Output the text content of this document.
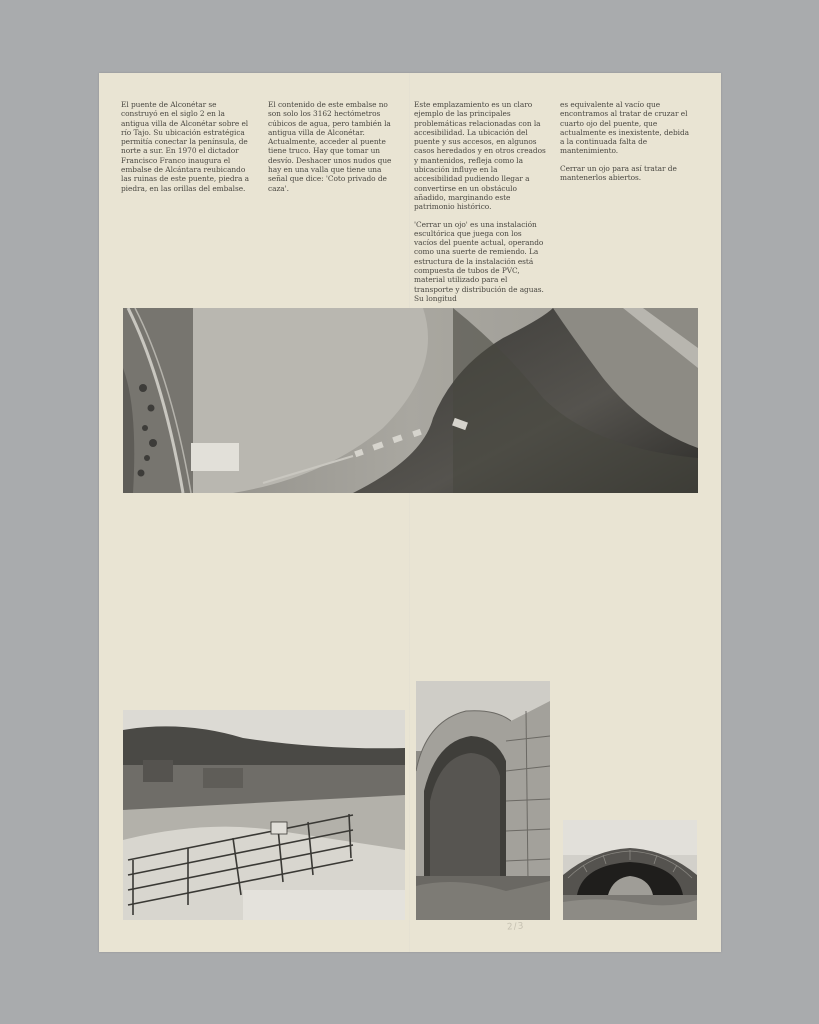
El puente de Alconétar se construyó en el siglo 2 en la antigua villa de Alconétar sobre el río Tajo. Su ubicación estratégica permitía conectar la península, de norte a sur. En 1970 el dictador Francisco Franco inaugura el embalse de Alcántara reubicando las ruinas de este puente, piedra a piedra, en las orillas del embalse.

El contenido de este embalse no son solo los 3162 hectómetros cúbicos de agua, pero también la antigua villa de Alconétar. Actualmente, acceder al puente tiene truco. Hay que tomar un desvío. Deshacer unos nudos que hay en una valla que tiene una señal que dice: 'Coto privado de caza'.

Este emplazamiento es un claro ejemplo de las principales problemáticas relacionadas con la accesibilidad. La ubicación del puente y sus accesos, en algunos casos heredados y en otros creados y mantenidos, refleja como la ubicación influye en la accesibilidad pudiendo llegar a convertirse en un obstáculo añadido, marginando este patrimonio histórico.

'Cerrar un ojo' es una instalación escultórica que juega con los vacíos del puente actual, operando como una suerte de remiendo. La estructura de la instalación está compuesta de tubos de PVC, material utilizado para el transporte y distribución de aguas. Su longitud

es equivalente al vacío que encontramos al tratar de cruzar el cuarto ojo del puente, que actualmente es inexistente, debida a la continuada falta de mantenimiento.

Cerrar un ojo para así tratar de mantenerlos abiertos.

2/3
